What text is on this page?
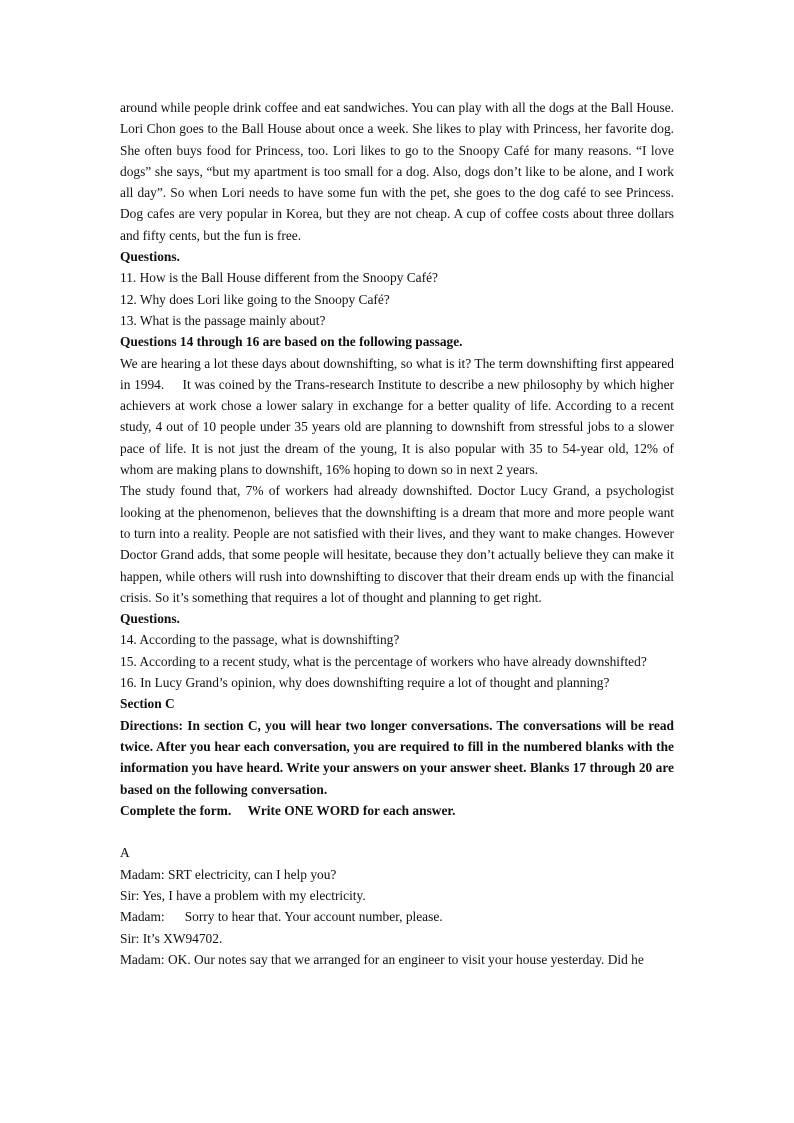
around while people drink coffee and eat sandwiches. You can play with all the dogs at the Ball House. Lori Chon goes to the Ball House about once a week. She likes to play with Princess, her favorite dog. She often buys food for Princess, too. Lori likes to go to the Snoopy Café for many reasons. “I love dogs” she says, “but my apartment is too small for a dog. Also, dogs don’t like to be alone, and I work all day”. So when Lori needs to have some fun with the pet, she goes to the dog café to see Princess. Dog cafes are very popular in Korea, but they are not cheap. A cup of coffee costs about three dollars and fifty cents, but the fun is free.
Questions.
11. How is the Ball House different from the Snoopy Café?
12. Why does Lori like going to the Snoopy Café?
13. What is the passage mainly about?
Questions 14 through 16 are based on the following passage.
We are hearing a lot these days about downshifting, so what is it? The term downshifting first appeared in 1994.     It was coined by the Trans-research Institute to describe a new philosophy by which higher achievers at work chose a lower salary in exchange for a better quality of life. According to a recent study, 4 out of 10 people under 35 years old are planning to downshift from stressful jobs to a slower pace of life. It is not just the dream of the young, It is also popular with 35 to 54-year old, 12% of whom are making plans to downshift, 16% hoping to down so in next 2 years.
The study found that, 7% of workers had already downshifted. Doctor Lucy Grand, a psychologist looking at the phenomenon, believes that the downshifting is a dream that more and more people want to turn into a reality. People are not satisfied with their lives, and they want to make changes. However Doctor Grand adds, that some people will hesitate, because they don’t actually believe they can make it happen, while others will rush into downshifting to discover that their dream ends up with the financial crisis. So it’s something that requires a lot of thought and planning to get right.
Questions.
14. According to the passage, what is downshifting?
15. According to a recent study, what is the percentage of workers who have already downshifted?
16. In Lucy Grand’s opinion, why does downshifting require a lot of thought and planning?
Section C
Directions: In section C, you will hear two longer conversations. The conversations will be read twice. After you hear each conversation, you are required to fill in the numbered blanks with the information you have heard. Write your answers on your answer sheet. Blanks 17 through 20 are based on the following conversation.
Complete the form.     Write ONE WORD for each answer.
A
Madam: SRT electricity, can I help you?
Sir: Yes, I have a problem with my electricity.
Madam:      Sorry to hear that. Your account number, please.
Sir: It’s XW94702.
Madam: OK. Our notes say that we arranged for an engineer to visit your house yesterday. Did he
